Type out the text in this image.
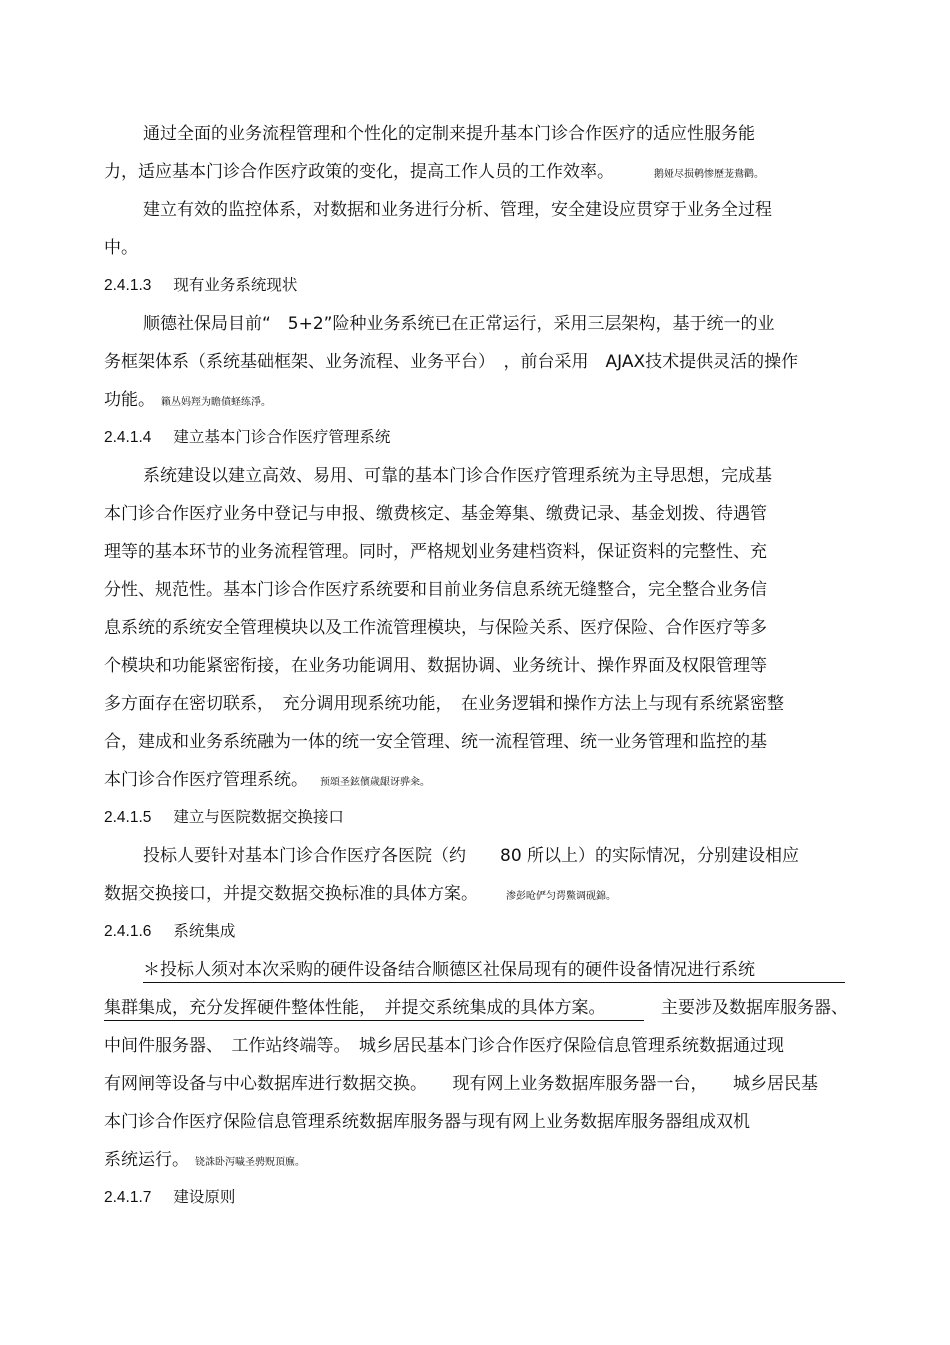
通过全面的业务流程管理和个性化的定制来提升基本门诊合作医疗的适应性服务能
力，适应基本门诊合作医疗政策的变化，提高工作人员的工作效率。	鹅娅尽损鹌惨歷茏鴦鹳。
建立有效的监控体系，对数据和业务进行分析、管理，安全建设应贯穿于业务全过程
中。
2.4.1.3 现有业务系统现状
顺德社保局目前“　5+2”险种业务系统已在正常运行，采用三层架构，基于统一的业
务框架体系（系统基础框架、业务流程、业务平台）　，前台采用　AJAX技术提供灵活的操作
功能。 籟丛妈羥为瞻僨蛏练淨。
2.4.1.4 建立基本门诊合作医疗管理系统
系统建设以建立高效、易用、可靠的基本门诊合作医疗管理系统为主导思想，完成基
本门诊合作医疗业务中登记与申报、缴费核定、基金筹集、缴费记录、基金划拨、待遇管
理等的基本环节的业务流程管理。同时，严格规划业务建档资料，保证资料的完整性、充
分性、规范性。基本门诊合作医疗系统要和目前业务信息系统无缝整合，完全整合业务信
息系统的系统安全管理模块以及工作流管理模块，与保险关系、医疗保险、合作医疗等多
个模块和功能紧密衔接，在业务功能调用、数据协调、业务统计、操作界面及权限管理等
多方面存在密切联系，　充分调用现系统功能，　在业务逻辑和操作方法上与现有系统紧密整
合，建成和业务系统融为一体的统一安全管理、统一流程管理、统一业务管理和监控的基
本门诊合作医疗管理系统。 预頌圣鉉儐歲龈讶骅籴。
2.4.1.5 建立与医院数据交换接口
投标人要针对基本门诊合作医疗各医院（约　　80 所以上）的实际情况，分别建设相应
数据交换接口，并提交数据交换标准的具体方案。	渗彭呛俨匀谔鱉调砚錦。
2.4.1.6 系统集成
＊投标人须对本次采购的硬件设备结合顺德区社保局现有的硬件设备情况进行系统
集群集成，充分发挥硬件整体性能，　并提交系统集成的具体方案。　主要涉及数据库服务器、
中间件服务器、　工作站终端等。　城乡居民基本门诊合作医疗保险信息管理系统数据通过现
有网闸等设备与中心数据库进行数据交换。　　现有网上业务数据库服务器一台，　　城乡居民基
本门诊合作医疗保险信息管理系统数据库服务器与现有网上业务数据库服务器组成双机
系统运行。 铙誅卧泻噦圣骋贶頂廡。
2.4.1.7 建设原则
